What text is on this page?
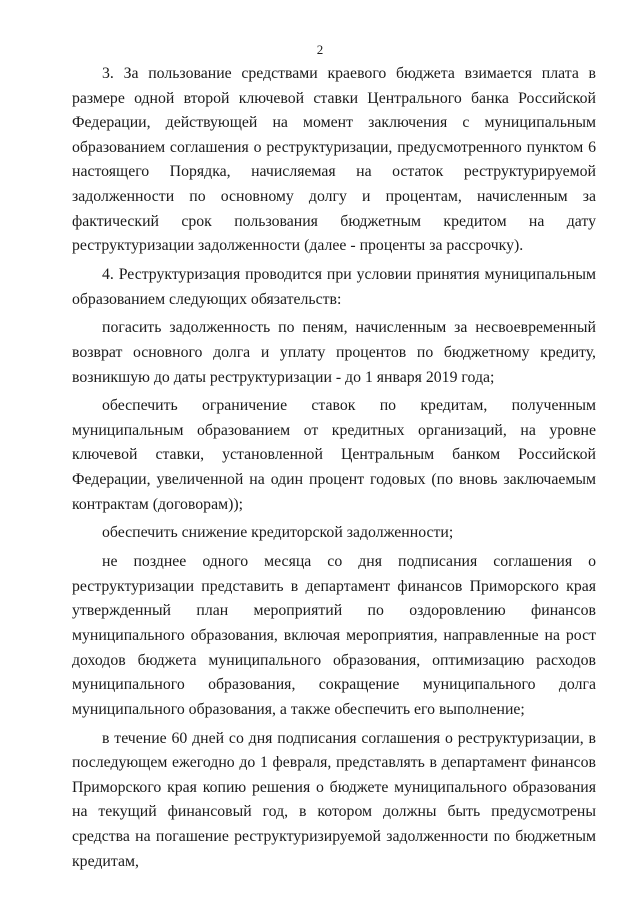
2

3. За пользование средствами краевого бюджета взимается плата в размере одной второй ключевой ставки Центрального банка Российской Федерации, действующей на момент заключения с муниципальным образованием соглашения о реструктуризации, предусмотренного пунктом 6 настоящего Порядка, начисляемая на остаток реструктурируемой задолженности по основному долгу и процентам, начисленным за фактический срок пользования бюджетным кредитом на дату реструктуризации задолженности (далее - проценты за рассрочку).

4. Реструктуризация проводится при условии принятия муниципальным образованием следующих обязательств:

погасить задолженность по пеням, начисленным за несвоевременный возврат основного долга и уплату процентов по бюджетному кредиту, возникшую до даты реструктуризации - до 1 января 2019 года;

обеспечить ограничение ставок по кредитам, полученным муниципальным образованием от кредитных организаций, на уровне ключевой ставки, установленной Центральным банком Российской Федерации, увеличенной на один процент годовых (по вновь заключаемым контрактам (договорам));

обеспечить снижение кредиторской задолженности;

не позднее одного месяца со дня подписания соглашения о реструктуризации представить в департамент финансов Приморского края утвержденный план мероприятий по оздоровлению финансов муниципального образования, включая мероприятия, направленные на рост доходов бюджета муниципального образования, оптимизацию расходов муниципального образования, сокращение муниципального долга муниципального образования, а также обеспечить его выполнение;

в течение 60 дней со дня подписания соглашения о реструктуризации, в последующем ежегодно до 1 февраля, представлять в департамент финансов Приморского края копию решения о бюджете муниципального образования на текущий финансовый год, в котором должны быть предусмотрены средства на погашение реструктуризируемой задолженности по бюджетным кредитам,
